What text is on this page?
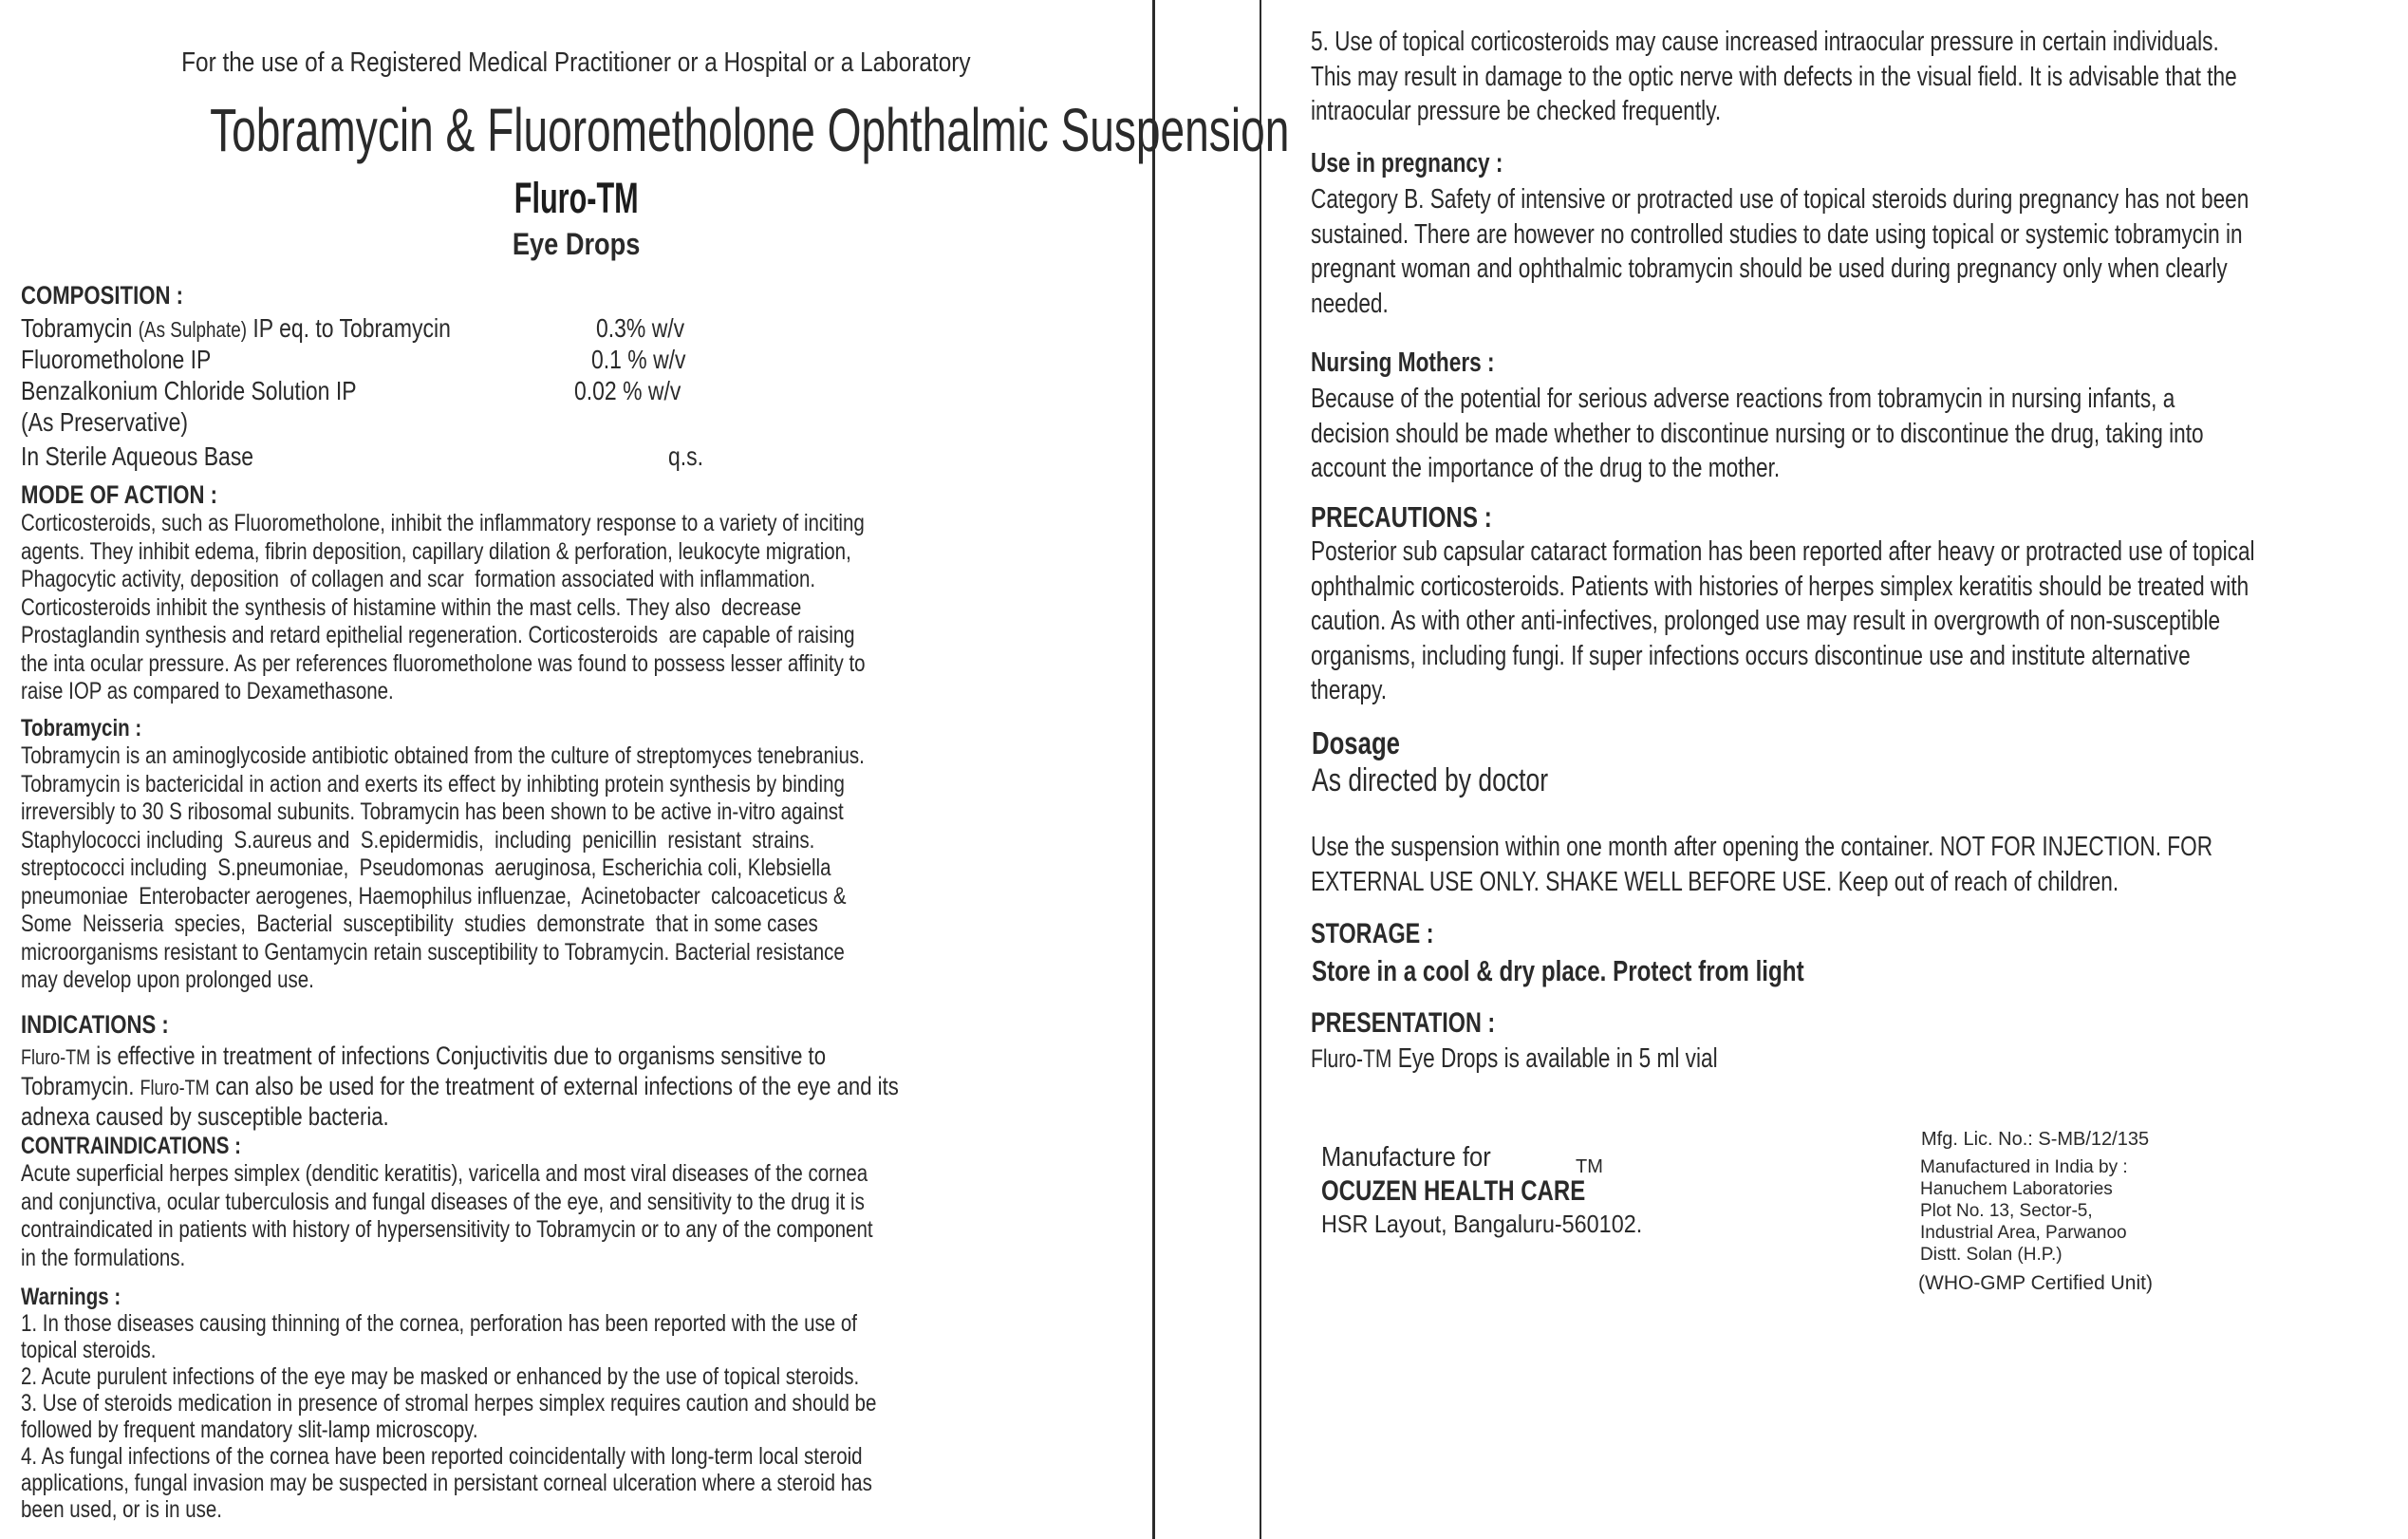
For the use of a Registered Medical Practitioner or a Hospital or a Laboratory
Tobramycin & Fluorometholone Ophthalmic Suspension
Fluro-TM
Eye Drops
COMPOSITION :
Tobramycin (As Sulphate) IP eq. to Tobramycin	0.3% w/v
Fluorometholone IP	0.1 % w/v
Benzalkonium Chloride Solution IP	0.02 % w/v
(As Preservative)
In Sterile Aqueous Base	q.s.
MODE OF ACTION :
Corticosteroids, such as Fluorometholone, inhibit the inflammatory response to a variety of inciting
agents. They inhibit edema, fibrin deposition, capillary dilation & perforation, leukocyte migration,
Phagocytic activity, deposition  of collagen and scar  formation associated with inflammation.
Corticosteroids inhibit the synthesis of histamine within the mast cells. They also  decrease
Prostaglandin synthesis and retard epithelial regeneration. Corticosteroids  are capable of raising
the inta ocular pressure. As per references fluorometholone was found to possess lesser affinity to
raise IOP as compared to Dexamethasone.
Tobramycin :
Tobramycin is an aminoglycoside antibiotic obtained from the culture of streptomyces tenebranius.
Tobramycin is bactericidal in action and exerts its effect by inhibting protein synthesis by binding
irreversibly to 30 S ribosomal subunits. Tobramycin has been shown to be active in-vitro against
Staphylococci including  S.aureus and  S.epidermidis,  including  penicillin  resistant  strains.
streptococci including  S.pneumoniae,  Pseudomonas  aeruginosa, Escherichia coli, Klebsiella
pneumoniae  Enterobacter aerogenes, Haemophilus influenzae,  Acinetobacter  calcoaceticus &
Some  Neisseria  species,  Bacterial  susceptibility  studies  demonstrate  that in some cases
microorganisms resistant to Gentamycin retain susceptibility to Tobramycin. Bacterial resistance
may develop upon prolonged use.
INDICATIONS :
Fluro-TM is effective in treatment of infections Conjuctivitis due to organisms sensitive to
Tobramycin. Fluro-TM can also be used for the treatment of external infections of the eye and its
adnexa caused by susceptible bacteria.
CONTRAINDICATIONS :
Acute superficial herpes simplex (denditic keratitis), varicella and most viral diseases of the cornea
and conjunctiva, ocular tuberculosis and fungal diseases of the eye, and sensitivity to the drug it is
contraindicated in patients with history of hypersensitivity to Tobramycin or to any of the component
in the formulations.
Warnings :
1. In those diseases causing thinning of the cornea, perforation has been reported with the use of
topical steroids.
2. Acute purulent infections of the eye may be masked or enhanced by the use of topical steroids.
3. Use of steroids medication in presence of stromal herpes simplex requires caution and should be
followed by frequent mandatory slit-lamp microscopy.
4. As fungal infections of the cornea have been reported coincidentally with long-term local steroid
applications, fungal invasion may be suspected in persistant corneal ulceration where a steroid has
been used, or is in use.
5. Use of topical corticosteroids may cause increased intraocular pressure in certain individuals.
This may result in damage to the optic nerve with defects in the visual field. It is advisable that the
intraocular pressure be checked frequently.
Use in pregnancy :
Category B. Safety of intensive or protracted use of topical steroids during pregnancy has not been
sustained. There are however no controlled studies to date using topical or systemic tobramycin in
pregnant woman and ophthalmic tobramycin should be used during pregnancy only when clearly
needed.
Nursing Mothers :
Because of the potential for serious adverse reactions from tobramycin in nursing infants, a
decision should be made whether to discontinue nursing or to discontinue the drug, taking into
account the importance of the drug to the mother.
PRECAUTIONS :
Posterior sub capsular cataract formation has been reported after heavy or protracted use of topical
ophthalmic corticosteroids. Patients with histories of herpes simplex keratitis should be treated with
caution. As with other anti-infectives, prolonged use may result in overgrowth of non-susceptible
organisms, including fungi. If super infections occurs discontinue use and institute alternative
therapy.
Dosage
As directed by doctor
Use the suspension within one month after opening the container. NOT FOR INJECTION. FOR
EXTERNAL USE ONLY. SHAKE WELL BEFORE USE. Keep out of reach of children.
STORAGE :
Store in a cool & dry place. Protect from light
PRESENTATION :
Fluro-TM Eye Drops is available in 5 ml vial
Manufacture for
OCUZEN HEALTH CARE
TM
HSR Layout, Bangaluru-560102.
Mfg. Lic. No.: S-MB/12/135
Manufactured in India by :
Hanuchem Laboratories
Plot No. 13, Sector-5,
Industrial Area, Parwanoo
Distt. Solan (H.P.)
(WHO-GMP Certified Unit)
